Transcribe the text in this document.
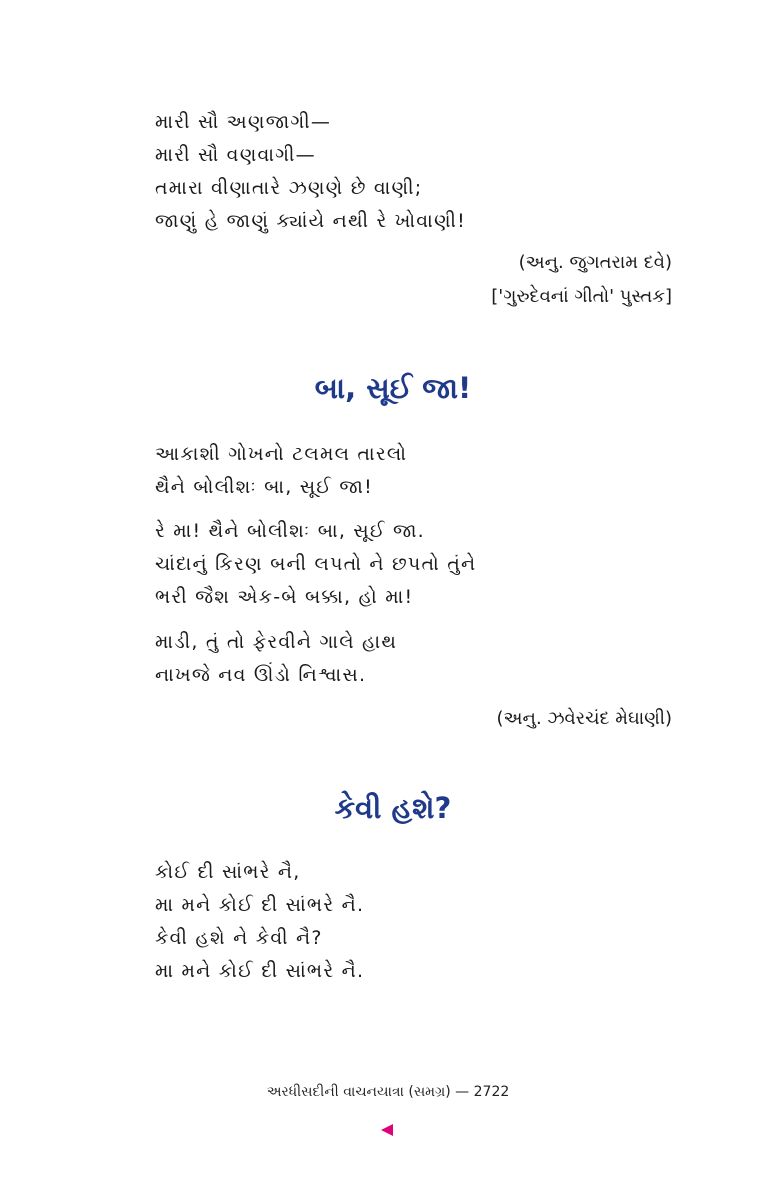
મારી સૌ અણજાગી—
મારી સૌ વણવાગી—
તમારા વીણાતારે ઝણણે છે વાણી;
જાણું હે જાણું ક્યાંયે નથી રે ખોવાણી!
(અનુ. જુગતરામ દવે)
['ગુરુદેવનાં ગીતો' પુસ્તક]
બા, સૂઈ જા!
આકાશી ગોખનો ટલમલ તારલો
થૈને બોલીશઃ બા, સૂઈ જા!
રે મા! થૈને બોલીશઃ બા, સૂઈ જા.
ચાંદાનું કિરણ બની લપતો ને છપતો તુંને
ભરી જૈશ એક-બે બક્કા, હો મા!
માડી, તું તો ફેરવીને ગાલે હાથ
નાખજે નવ ઊંડો નિશ્વાસ.
(અનુ. ઝવેરચંદ મેઘાણી)
કેવી હશે?
કોઈ દી સાંભરે નૈ,
મા મને કોઈ દી સાંભરે નૈ.
કેવી હશે ને કેવી નૈ?
મા મને કોઈ દી સાંભરે નૈ.
અરધીસદીની વાચનયાત્રા (સમગ્ર) — 2722
